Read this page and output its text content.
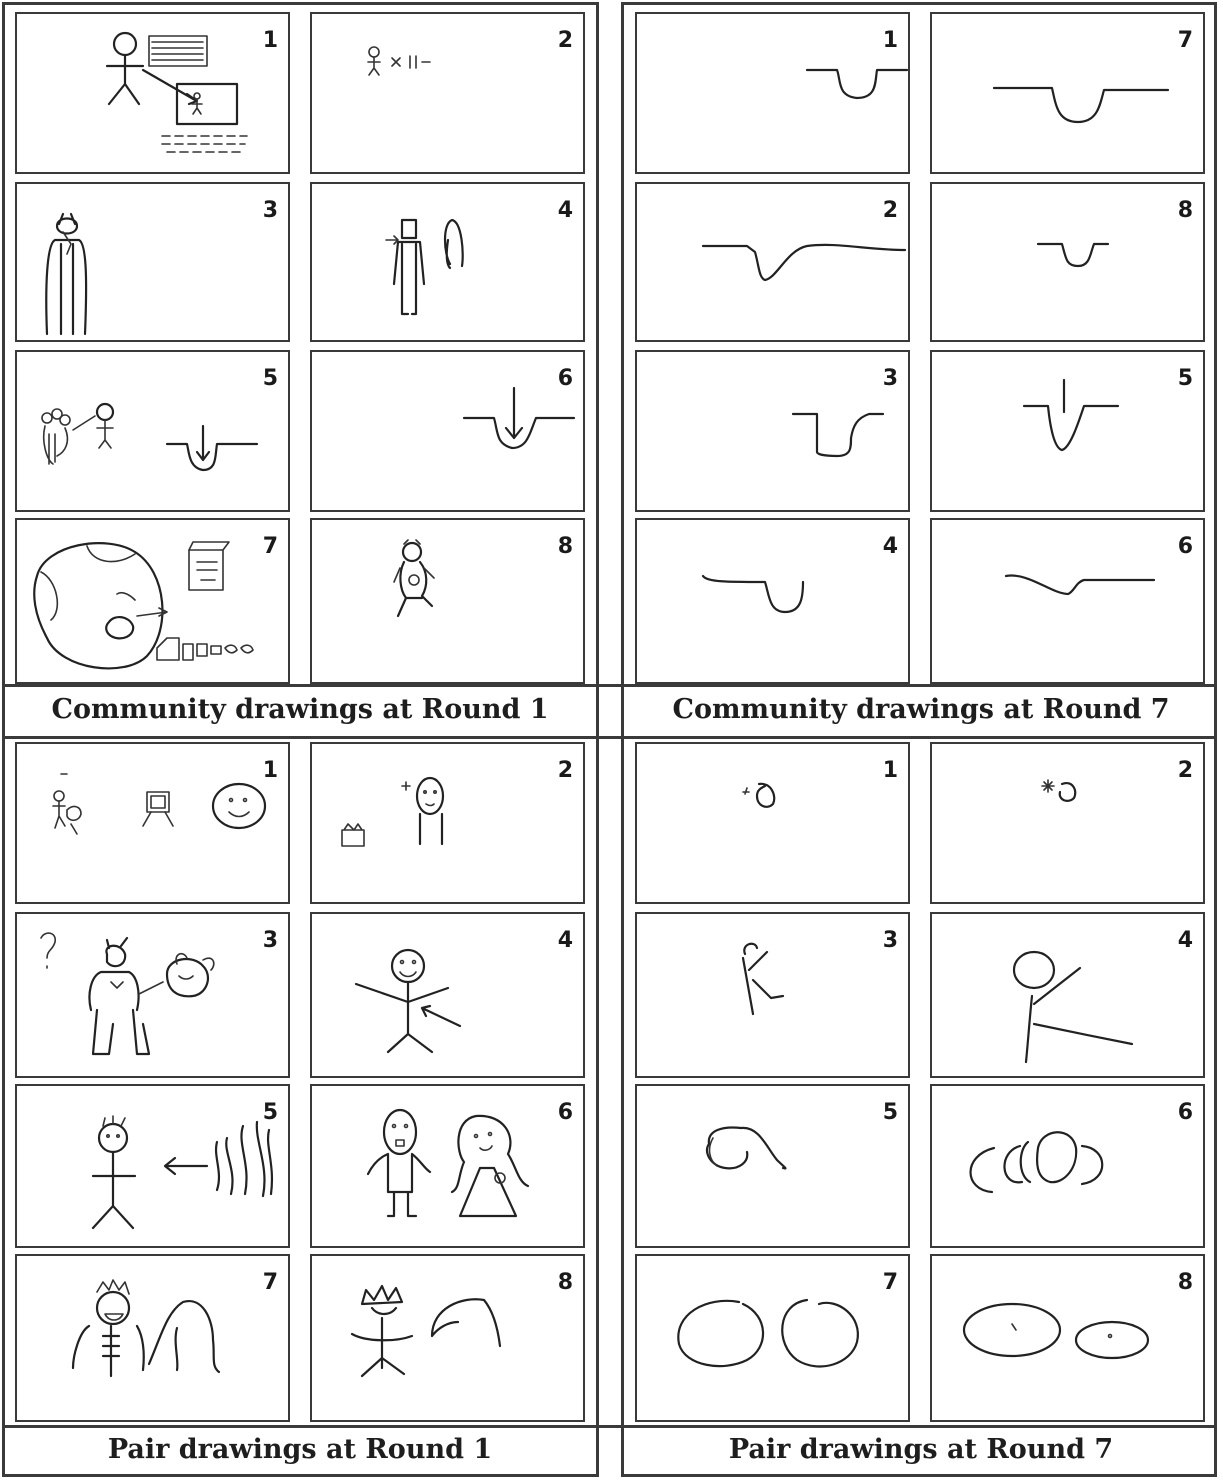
1	2
3	4
5	6
7	8
Community drawings at Round 1
1	7
2	8
3	5
4	6
Community drawings at Round 7
1	2
3	4
5	6
7	8
Pair drawings at Round 1
1	2
3	4
5	6
7	8
Pair drawings at Round 7
